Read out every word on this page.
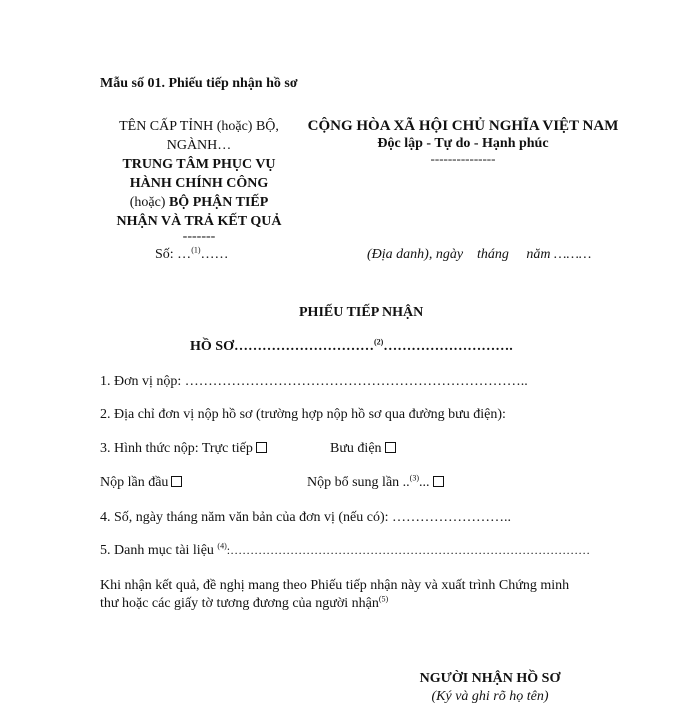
Mẫu số 01. Phiếu tiếp nhận hồ sơ
TÊN CẤP TỈNH (hoặc) BỘ,
NGÀNH…
TRUNG TÂM PHỤC VỤ
HÀNH CHÍNH CÔNG
(hoặc) BỘ PHẬN TIẾP
NHẬN VÀ TRẢ KẾT QUẢ
-------
Số: …$^{(1)}$……
CỘNG HÒA XÃ HỘI CHỦ NGHĨA VIỆT NAM
Độc lập - Tự do - Hạnh phúc
---------------
(Địa danh), ngày    tháng     năm ………
PHIẾU TIẾP NHẬN
HỒ SƠ…………………………$^{(2)}$……………………….
1. Đơn vị nộp: ………………………………………………………………..
2. Địa chỉ đơn vị nộp hồ sơ (trường hợp nộp hồ sơ qua đường bưu điện):
3. Hình thức nộp: Trực tiếp	Bưu điện
Nộp lần đầu	Nộp bổ sung lần ..$^{(3)}$...
4. Số, ngày tháng năm văn bản của đơn vị (nếu có): ……………………..
5. Danh mục tài liệu $^{(4)}$:………………………………………………………………………………
Khi nhận kết quả, đề nghị mang theo Phiếu tiếp nhận này và xuất trình Chứng minh
thư hoặc các giấy tờ tương đương của người nhận$^{(5)}$
NGƯỜI NHẬN HỒ SƠ
(Ký và ghi rõ họ tên)
